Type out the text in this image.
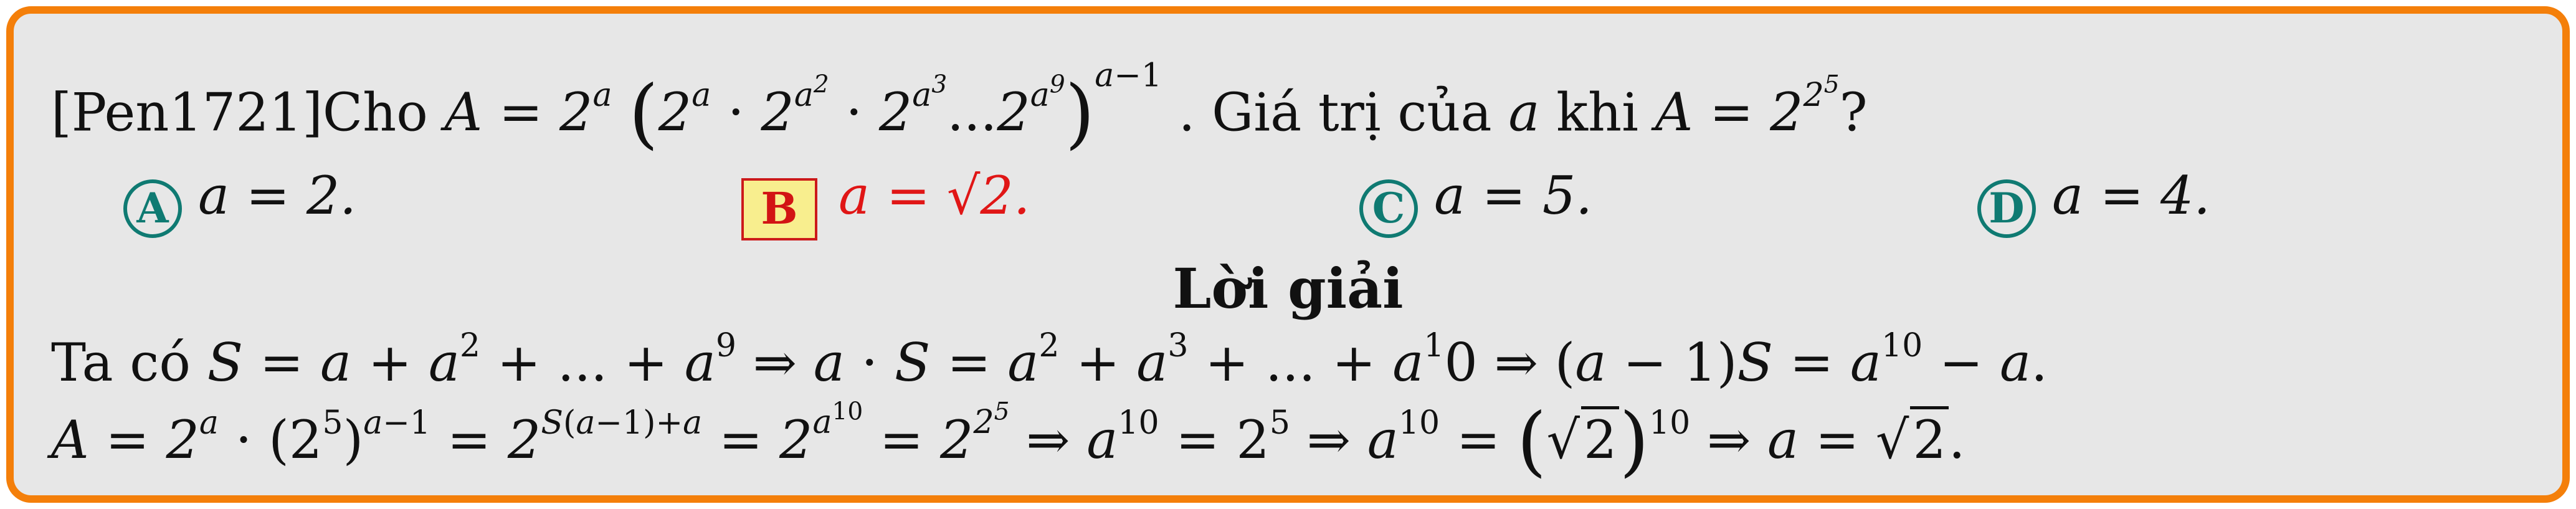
[Pen1721]Cho $A = 2^a$ $(2^a \cdot 2^{a^2} \cdot 2^{a^3}...2^{a^9})^{a-1}$ . Giá trị của a khi $A = 2^{2^5}$?
A a = 2.	B a = √2.	C a = 5.	D a = 4.
Lời giải
Ta có $S = a + a^2$ + ... + $a^9$ ⇒ $a \cdot S = a^2 + a^3$ + ... + $a^10$ ⇒ $(a - 1)S = a^{10} - a$.
$A = 2^a \cdot (2^5)^{a-1} = 2^{S(a-1)+a} = 2^{a^{10}} = 2^{2^5}$ ⇒ $a^{10} = 2^5$ ⇒ $a^{10} = (√2)^{10}$ ⇒ a = √2.
